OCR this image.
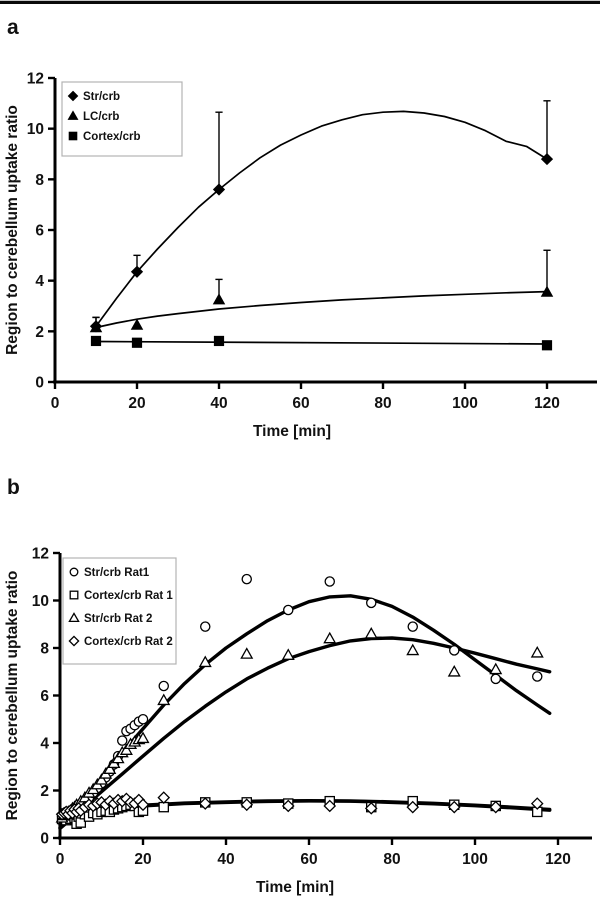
a
b
0	20	40	60	80	100	120
0
2
4
6
8
10
12
Time [min]
Region to cerebellum uptake ratio
Str/crb
LC/crb
Cortex/crb
0	20	40	60	80	100	120
0
2
4
6
8
10
12
Time [min]
Region to cerebellum uptake ratio	Str/crb Rat1
Cortex/crb Rat 1
Str/crb Rat 2
Cortex/crb Rat 2
